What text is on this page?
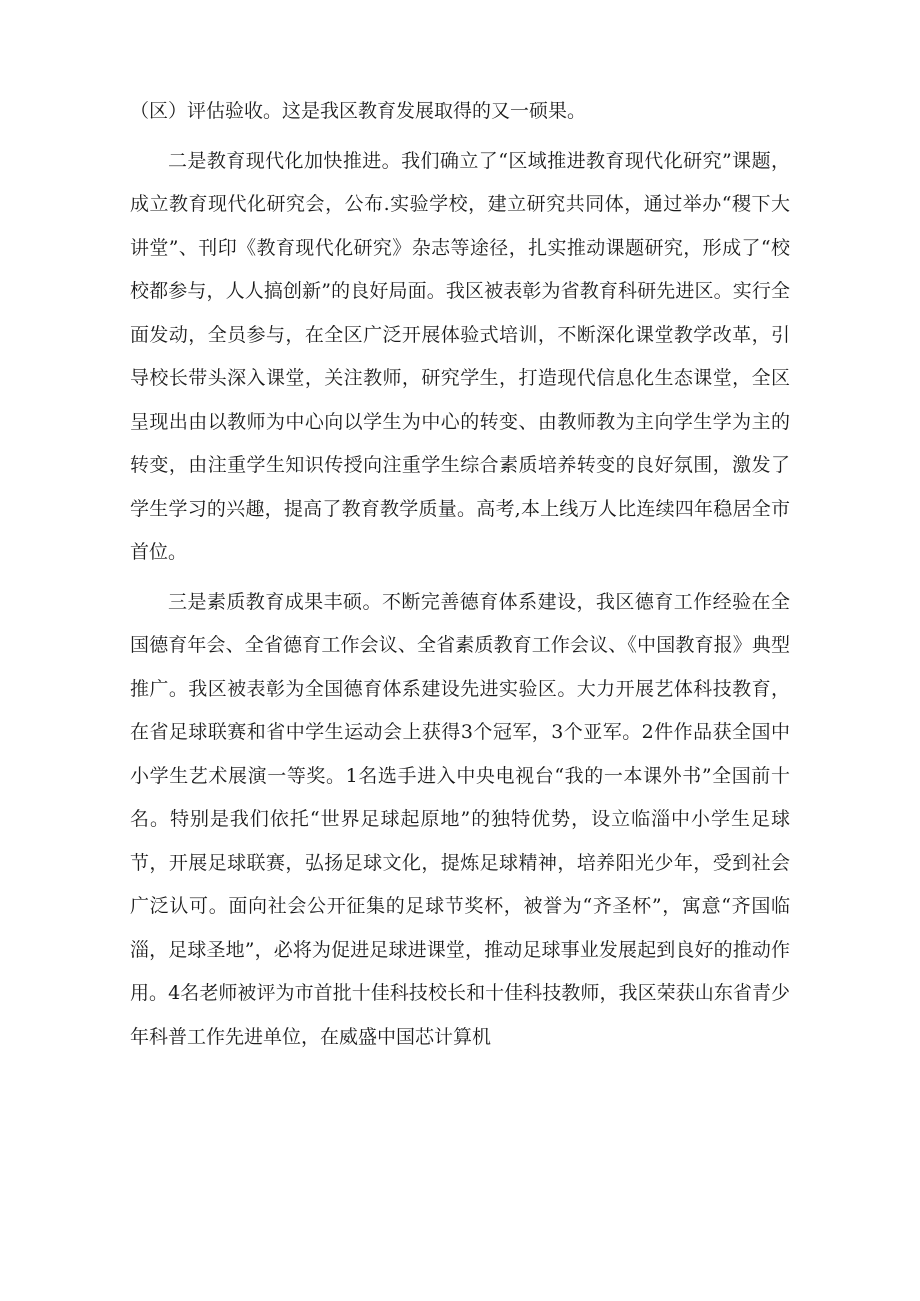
（区）评估验收。这是我区教育发展取得的又一硕果。

二是教育现代化加快推进。我们确立了“区域推进教育现代化研究”课题，成立教育现代化研究会，公布.实验学校，建立研究共同体，通过举办“稷下大讲堂”、刊印《教育现代化研究》杂志等途径，扎实推动课题研究，形成了“校校都参与，人人搞创新”的良好局面。我区被表彰为省教育科研先进区。实行全面发动，全员参与，在全区广泛开展体验式培训，不断深化课堂教学改革，引导校长带头深入课堂，关注教师，研究学生，打造现代信息化生态课堂，全区呈现出由以教师为中心向以学生为中心的转变、由教师教为主向学生学为主的转变，由注重学生知识传授向注重学生综合素质培养转变的良好氛围，激发了学生学习的兴趣，提高了教育教学质量。高考,本上线万人比连续四年稳居全市首位。

三是素质教育成果丰硕。不断完善德育体系建设，我区德育工作经验在全国德育年会、全省德育工作会议、全省素质教育工作会议、《中国教育报》典型推广。我区被表彰为全国德育体系建设先进实验区。大力开展艺体科技教育，在省足球联赛和省中学生运动会上获得3个冠军，3个亚军。2件作品获全国中小学生艺术展演一等奖。1名选手进入中央电视台“我的一本课外书”全国前十名。特别是我们依托“世界足球起原地”的独特优势，设立临淄中小学生足球节，开展足球联赛，弘扬足球文化，提炼足球精神，培养阳光少年，受到社会广泛认可。面向社会公开征集的足球节奖杯，被誉为“齐圣杯”，寓意“齐国临淄，足球圣地”，必将为促进足球进课堂，推动足球事业发展起到良好的推动作用。4名老师被评为市首批十佳科技校长和十佳科技教师，我区荣获山东省青少年科普工作先进单位，在威盛中国芯计算机
